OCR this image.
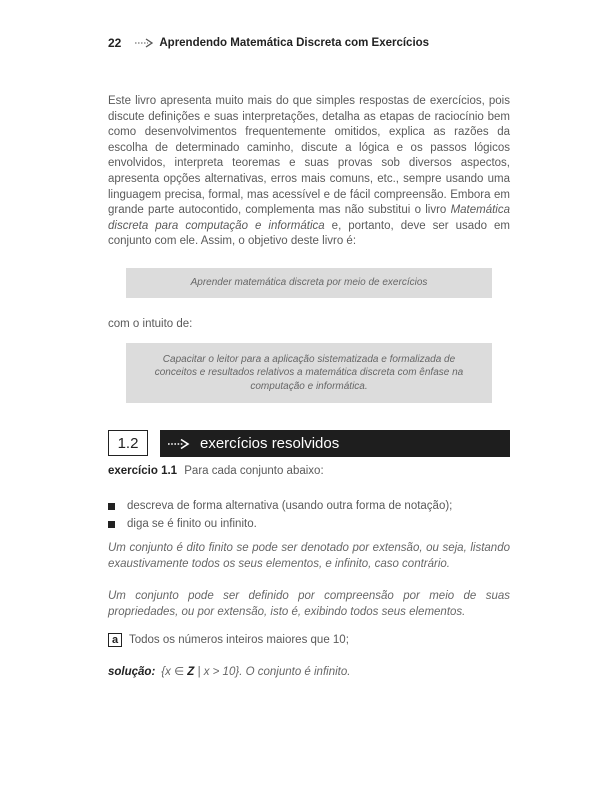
22	Aprendendo Matemática Discreta com Exercícios
Este livro apresenta muito mais do que simples respostas de exercícios, pois discute definições e suas interpretações, detalha as etapas de raciocínio bem como desenvolvimentos frequentemente omitidos, explica as razões da escolha de determinado caminho, discute a lógica e os passos lógicos envolvidos, interpreta teoremas e suas provas sob diversos aspectos, apresenta opções alternativas, erros mais comuns, etc., sempre usando uma linguagem precisa, formal, mas acessível e de fácil compreensão. Embora em grande parte autocontido, complementa mas não substitui o livro Matemática discreta para computação e informática e, portanto, deve ser usado em conjunto com ele. Assim, o objetivo deste livro é:
Aprender matemática discreta por meio de exercícios
com o intuito de:
Capacitar o leitor para a aplicação sistematizada e formalizada de conceitos e resultados relativos a matemática discreta com ênfase na computação e informática.
1.2	exercícios resolvidos
exercício 1.1 Para cada conjunto abaixo:
descreva de forma alternativa (usando outra forma de notação);
diga se é finito ou infinito.
Um conjunto é dito finito se pode ser denotado por extensão, ou seja, listando exaustivamente todos os seus elementos, e infinito, caso contrário.
Um conjunto pode ser definido por compreensão por meio de suas propriedades, ou por extensão, isto é, exibindo todos seus elementos.
a Todos os números inteiros maiores que 10;
solução: {x ∈ Z | x > 10}. O conjunto é infinito.
